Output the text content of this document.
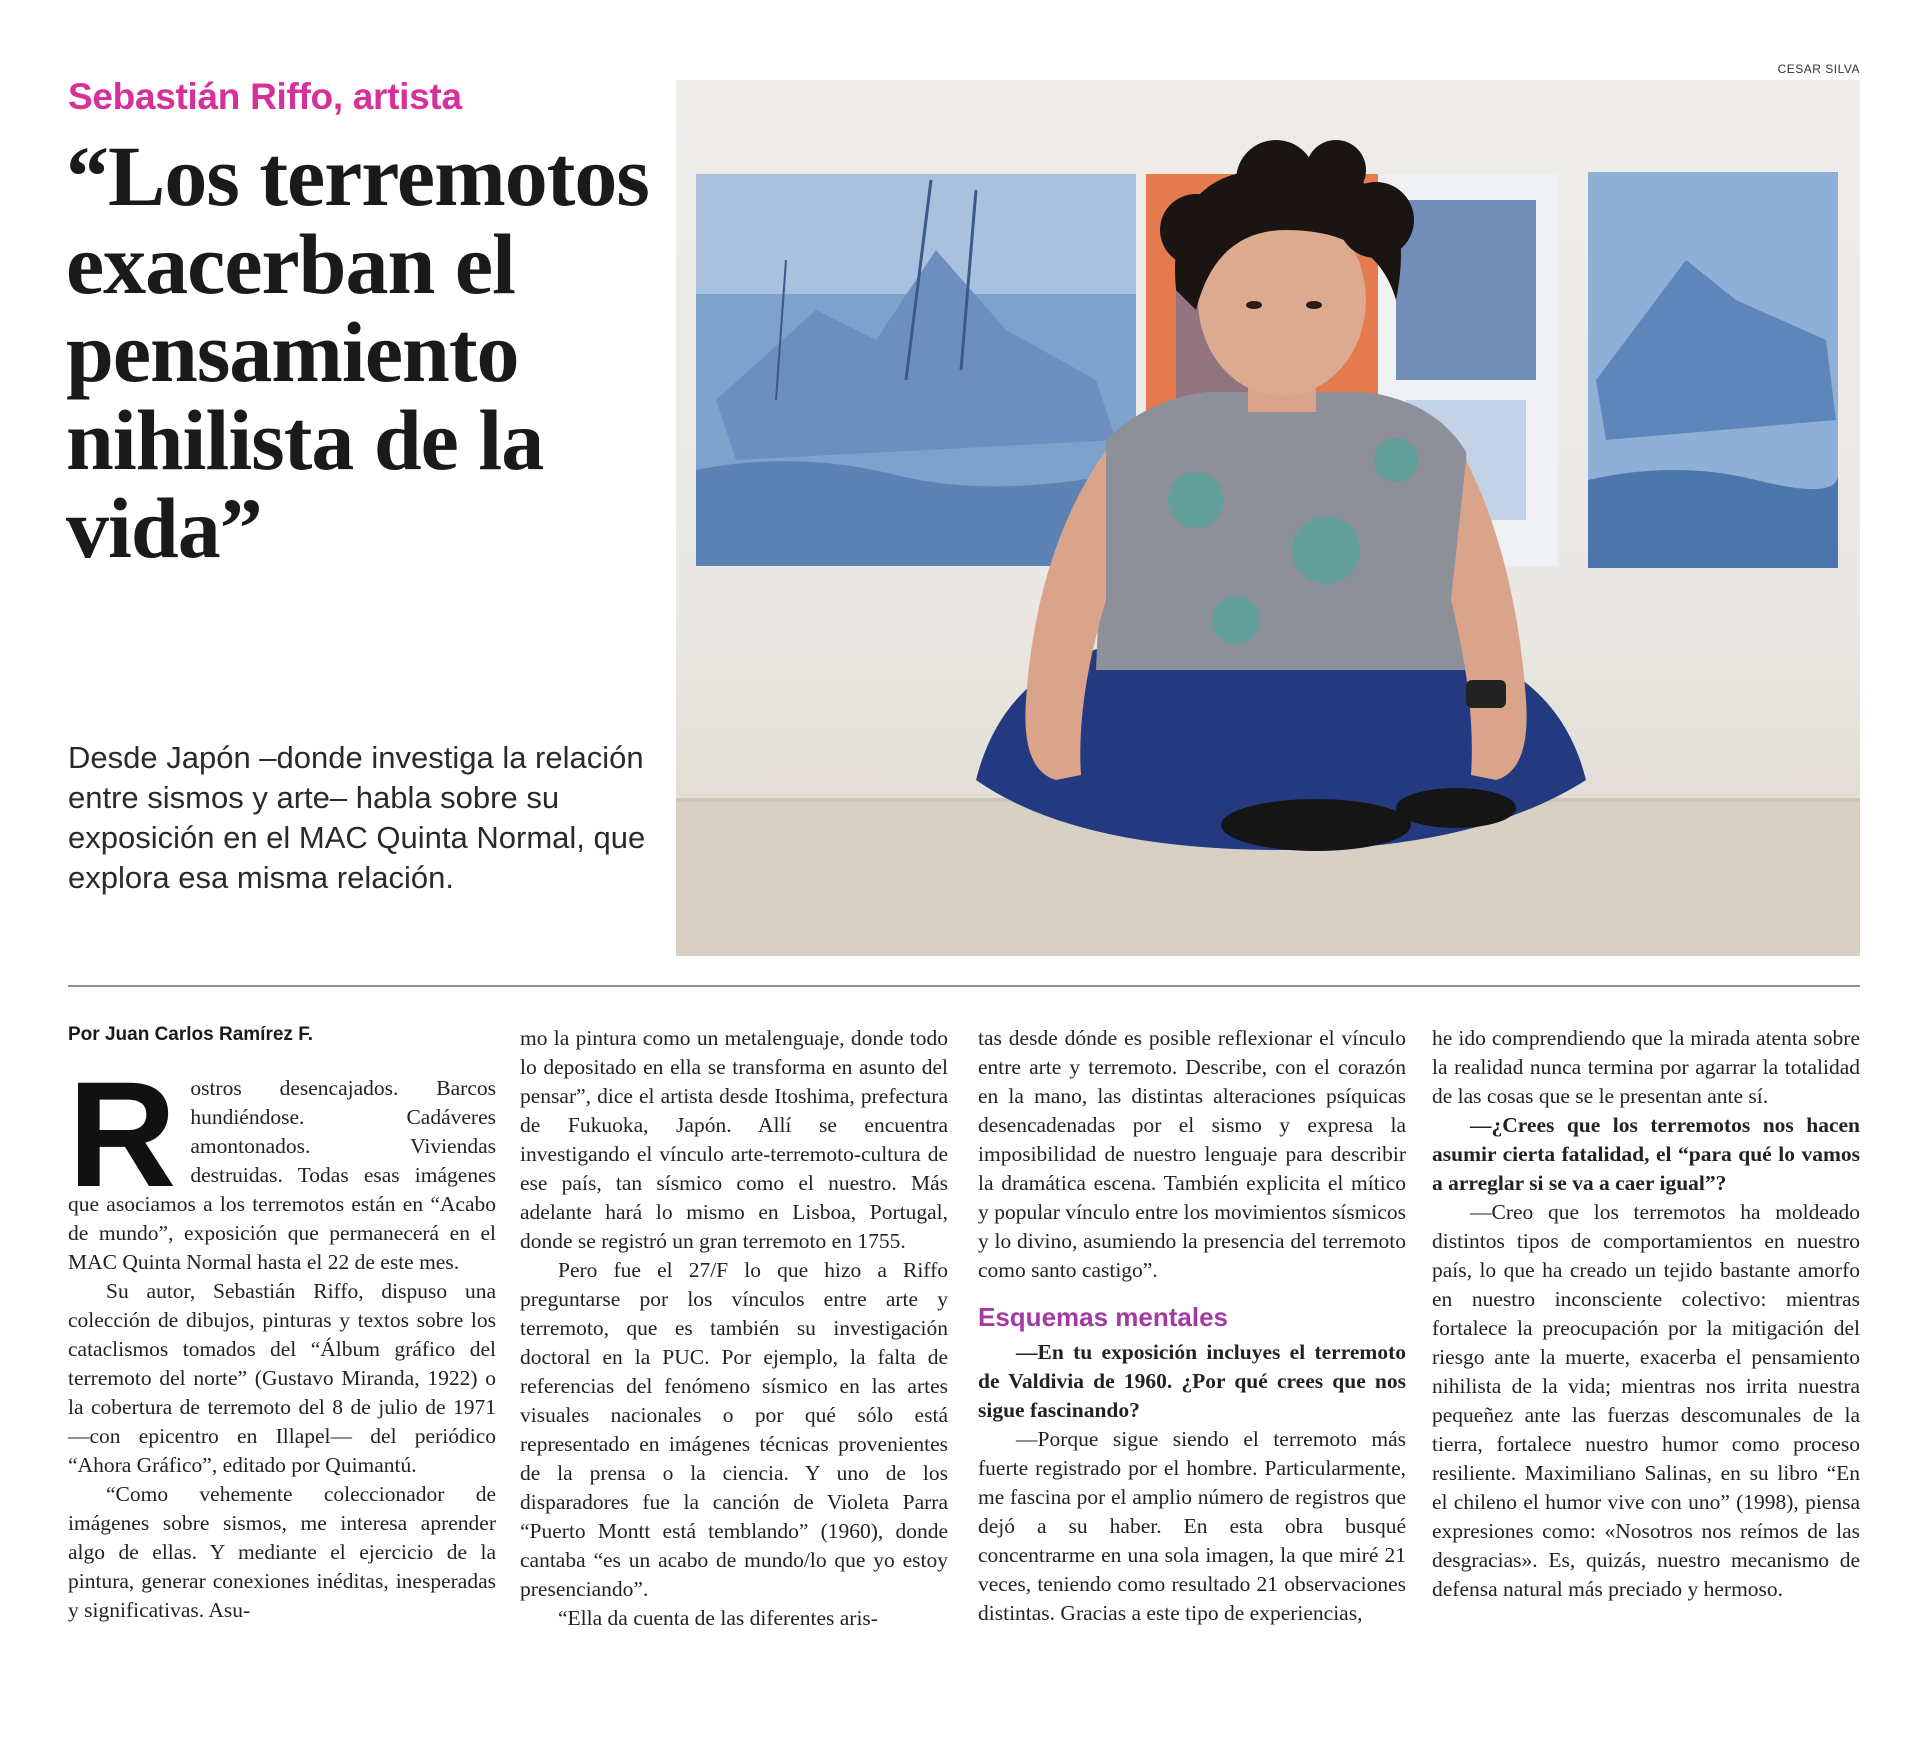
Sebastián Riffo, artista
“Los terremotos exacerban el pensamiento nihilista de la vida”
Desde Japón –donde investiga la relación entre sismos y arte– habla sobre su exposición en el MAC Quinta Normal, que explora esa misma relación.
CESAR SILVA
Por Juan Carlos Ramírez F.
R ostros desencajados. Barcos hundiéndose. Cadáveres amontonados. Viviendas destruidas. Todas esas imágenes que asociamos a los terremotos están en “Acabo de mundo”, exposición que permanecerá en el MAC Quinta Normal hasta el 22 de este mes.

Su autor, Sebastián Riffo, dispuso una colección de dibujos, pinturas y textos sobre los cataclismos tomados del “Álbum gráfico del terremoto del norte” (Gustavo Miranda, 1922) o la cobertura de terremoto del 8 de julio de 1971 —con epicentro en Illapel— del periódico “Ahora Gráfico”, editado por Quimantú.

“Como vehemente coleccionador de imágenes sobre sismos, me interesa aprender algo de ellas. Y mediante el ejercicio de la pintura, generar conexiones inéditas, inesperadas y significativas. Asu-

mo la pintura como un metalenguaje, donde todo lo depositado en ella se transforma en asunto del pensar”, dice el artista desde Itoshima, prefectura de Fukuoka, Japón. Allí se encuentra investigando el vínculo arte-terremoto-cultura de ese país, tan sísmico como el nuestro. Más adelante hará lo mismo en Lisboa, Portugal, donde se registró un gran terremoto en 1755.

Pero fue el 27/F lo que hizo a Riffo preguntarse por los vínculos entre arte y terremoto, que es también su investigación doctoral en la PUC. Por ejemplo, la falta de referencias del fenómeno sísmico en las artes visuales nacionales o por qué sólo está representado en imágenes técnicas provenientes de la prensa o la ciencia. Y uno de los disparadores fue la canción de Violeta Parra “Puerto Montt está temblando” (1960), donde cantaba “es un acabo de mundo/lo que yo estoy presenciando”.

“Ella da cuenta de las diferentes aris-

tas desde dónde es posible reflexionar el vínculo entre arte y terremoto. Describe, con el corazón en la mano, las distintas alteraciones psíquicas desencadenadas por el sismo y expresa la imposibilidad de nuestro lenguaje para describir la dramática escena. También explicita el mítico y popular vínculo entre los movimientos sísmicos y lo divino, asumiendo la presencia del terremoto como santo castigo”.

Esquemas mentales

—En tu exposición incluyes el terremoto de Valdivia de 1960. ¿Por qué crees que nos sigue fascinando?

—Porque sigue siendo el terremoto más fuerte registrado por el hombre. Particularmente, me fascina por el amplio número de registros que dejó a su haber. En esta obra busqué concentrarme en una sola imagen, la que miré 21 veces, teniendo como resultado 21 observaciones distintas. Gracias a este tipo de experiencias,

he ido comprendiendo que la mirada atenta sobre la realidad nunca termina por agarrar la totalidad de las cosas que se le presentan ante sí.

—¿Crees que los terremotos nos hacen asumir cierta fatalidad, el “para qué lo vamos a arreglar si se va a caer igual”?

—Creo que los terremotos ha moldeado distintos tipos de comportamientos en nuestro país, lo que ha creado un tejido bastante amorfo en nuestro inconsciente colectivo: mientras fortalece la preocupación por la mitigación del riesgo ante la muerte, exacerba el pensamiento nihilista de la vida; mientras nos irrita nuestra pequeñez ante las fuerzas descomunales de la tierra, fortalece nuestro humor como proceso resiliente. Maximiliano Salinas, en su libro “En el chileno el humor vive con uno” (1998), piensa expresiones como: «Nosotros nos reímos de las desgracias». Es, quizás, nuestro mecanismo de defensa natural más preciado y hermoso.
